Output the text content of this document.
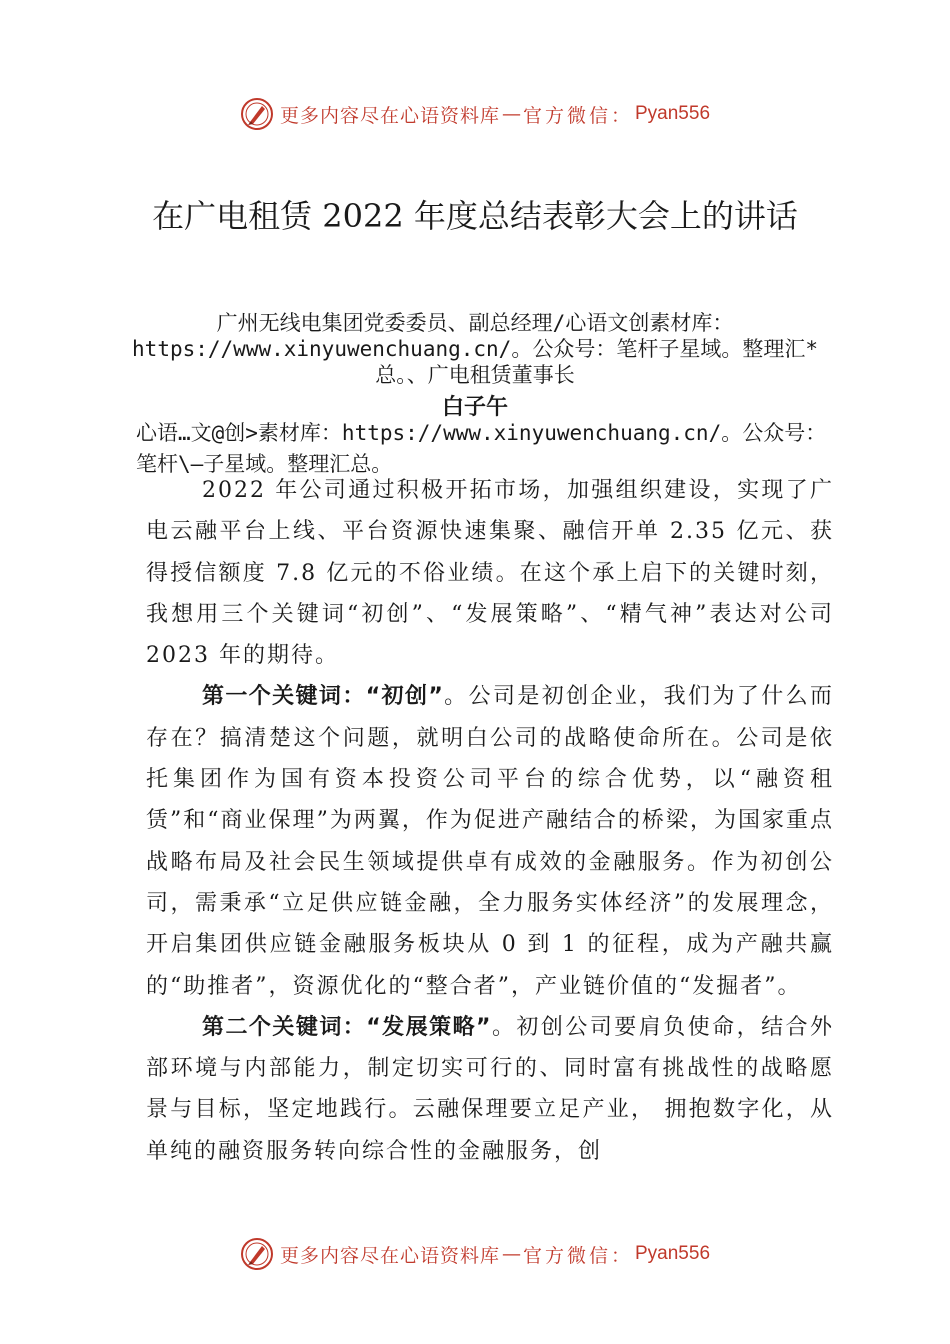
更多内容尽在心语资料库 — 官方微信： Pyan556
在广电租赁 2022 年度总结表彰大会上的讲话
广州无线电集团党委委员、副总经理/心语文创素材库：https://www.xinyuwenchuang.cn/。公众号：笔杆子星域。整理汇*总。、广电租赁董事长
白子午
心语…文@创>素材库：https://www.xinyuwenchuang.cn/。公众号：笔杆\—子星域。整理汇总。

2022 年公司通过积极开拓市场，加强组织建设，实现了广电云融平台上线、平台资源快速集聚、融信开单 2.35 亿元、获得授信额度 7.8 亿元的不俗业绩。在这个承上启下的关键时刻，我想用三个关键词“初创”、“发展策略”、“精气神”表达对公司 2023 年的期待。

第一个关键词：“初创”。公司是初创企业，我们为了什么而存在？搞清楚这个问题，就明白公司的战略使命所在。公司是依托集团作为国有资本投资公司平台的综合优势，以“融资租赁”和“商业保理”为两翼，作为促进产融结合的桥梁，为国家重点战略布局及社会民生领域提供卓有成效的金融服务。作为初创公司，需秉承“立足供应链金融，全力服务实体经济”的发展理念，开启集团供应链金融服务板块从 0 到 1 的征程，成为产融共赢的“助推者”，资源优化的“整合者”，产业链价值的“发掘者”。

第二个关键词：“发展策略”。初创公司要肩负使命，结合外部环境与内部能力，制定切实可行的、同时富有挑战性的战略愿景与目标，坚定地践行。云融保理要立足产业， 拥抱数字化，从单纯的融资服务转向综合性的金融服务，创

更多内容尽在心语资料库 — 官方微信： Pyan556
